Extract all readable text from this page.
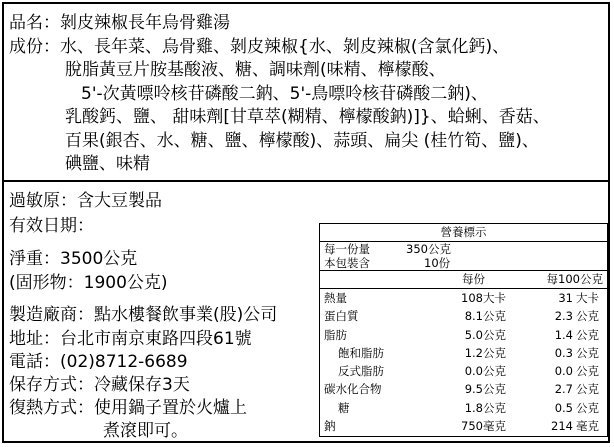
品名：剝皮辣椒長年烏骨雞湯
成份：水、長年菜、烏骨雞、剝皮辣椒{水、剝皮辣椒(含氯化鈣)、
脫脂黃豆片胺基酸液、糖、調味劑(味精、檸檬酸、
5'-次黃嘌呤核苷磷酸二鈉、5'-鳥嘌呤核苷磷酸二鈉)、
乳酸鈣、鹽、 甜味劑[甘草萃(糊精、檸檬酸鈉)]}、蛤蜊、香菇、
百果(銀杏、水、糖、鹽、檸檬酸)、蒜頭、扁尖 (桂竹筍、鹽)、
碘鹽、味精
過敏原：含大豆製品
有效日期：
淨重：3500公克
(固形物：1900公克)
製造廠商：點水樓餐飲事業(股)公司
地址：台北市南京東路四段61號
電話：(02)8712-6689
保存方式：冷藏保存3天
復熱方式：使用鍋子置於火爐上
煮滾即可。
營養標示
每一份量	350公克
本包裝含	10份
每份	每100公克
熱量	108 大卡	31 大卡
蛋白質	8.1 公克	2.3 公克
脂肪	5.0 公克	1.4 公克
飽和脂肪	1.2 公克	0.3 公克
反式脂肪	0.0 公克	0.0 公克
碳水化合物	9.5 公克	2.7 公克
糖	1.8 公克	0.5 公克
鈉	750 毫克	214 毫克
